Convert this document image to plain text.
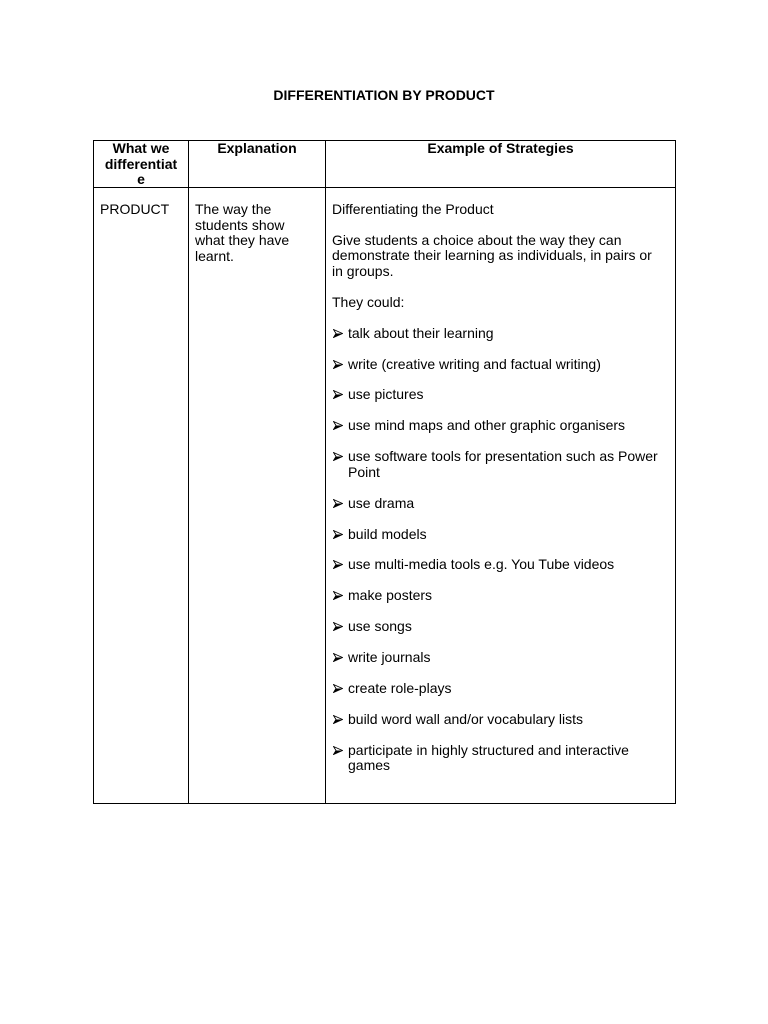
DIFFERENTIATION BY PRODUCT
What we differentiate
Explanation	Example of Strategies
PRODUCT	The way the students show what they have learnt.

Differentiating the Product

Give students a choice about the way they can demonstrate their learning as individuals, in pairs or in groups.

They could:

talk about their learning
write (creative writing and factual writing)
use pictures
use mind maps and other graphic organisers
use software tools for presentation such as Power Point
use drama
build models
use multi-media tools e.g. You Tube videos
make posters
use songs
write journals
create role-plays
build word wall and/or vocabulary lists
participate in highly structured and interactive games
